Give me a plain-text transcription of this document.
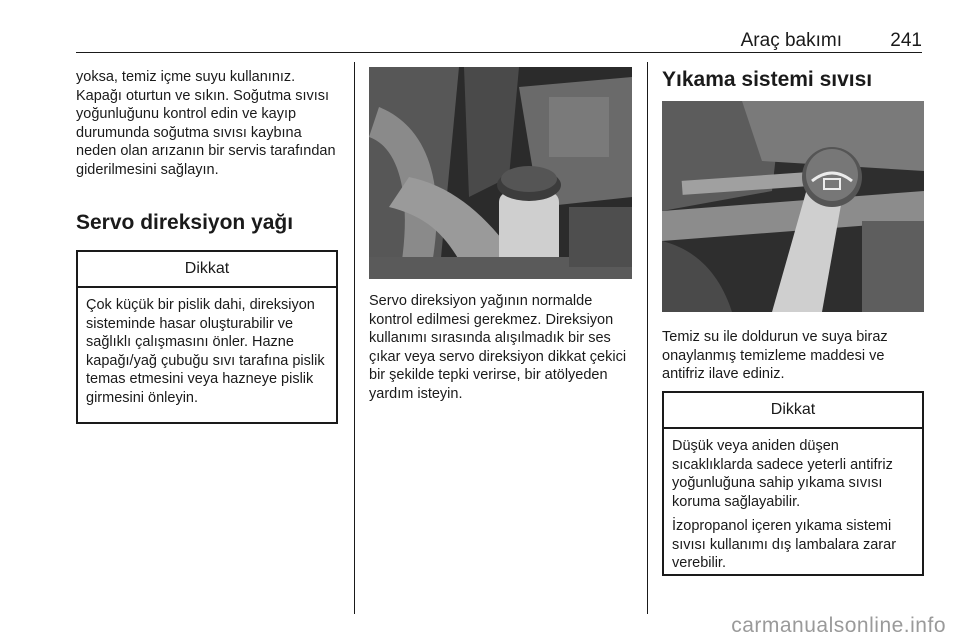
Araç bakımı	241

yoksa, temiz içme suyu kullanınız. Kapağı oturtun ve sıkın. Soğutma sıvısı yoğunluğunu kontrol edin ve kayıp durumunda soğutma sıvısı kaybına neden olan arızanın bir servis tarafından giderilmesini sağlayın.

Servo direksiyon yağı
Dikkat

Çok küçük bir pislik dahi, direksiyon sisteminde hasar oluşturabilir ve sağlıklı çalışmasını önler. Hazne kapağı/yağ çubuğu sıvı tarafına pislik temas etmesini veya hazneye pislik girmesini önleyin.

Servo direksiyon yağının normalde kontrol edilmesi gerekmez. Direksiyon kullanımı sırasında alışılmadık bir ses çıkar veya servo direksiyon dikkat çekici bir şekilde tepki verirse, bir atölyeden yardım isteyin.

Yıkama sistemi sıvısı

Temiz su ile doldurun ve suya biraz onaylanmış temizleme maddesi ve antifriz ilave ediniz.

Dikkat

Düşük veya aniden düşen sıcaklıklarda sadece yeterli antifriz yoğunluğuna sahip yıkama sıvısı koruma sağlayabilir.

İzopropanol içeren yıkama sistemi sıvısı kullanımı dış lambalara zarar verebilir.

carmanualsonline.info
